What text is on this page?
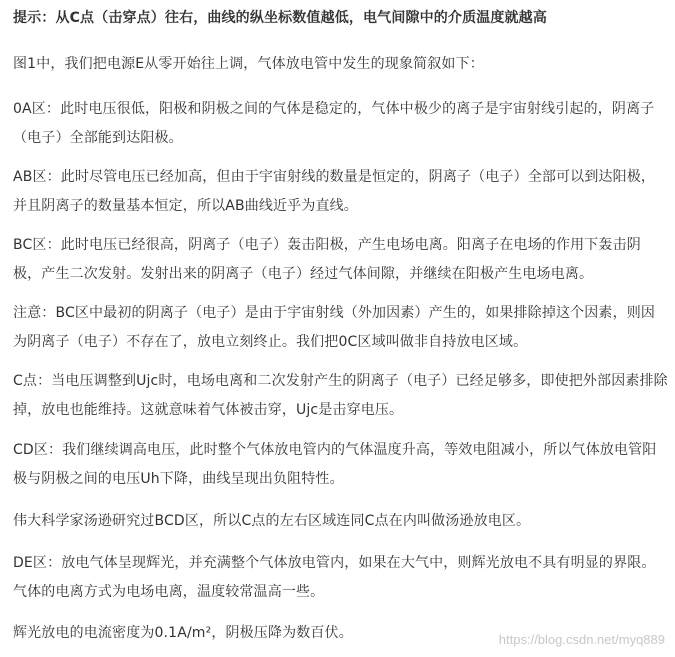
提示：从C点（击穿点）往右，曲线的纵坐标数值越低，电气间隙中的介质温度就越高

图1中，我们把电源E从零开始往上调，气体放电管中发生的现象简叙如下：

0A区：此时电压很低，阳极和阴极之间的气体是稳定的，气体中极少的离子是宇宙射线引起的，阴离子（电子）全部能到达阳极。

AB区：此时尽管电压已经加高，但由于宇宙射线的数量是恒定的，阴离子（电子）全部可以到达阳极，并且阴离子的数量基本恒定，所以AB曲线近乎为直线。

BC区：此时电压已经很高，阴离子（电子）轰击阳极，产生电场电离。阳离子在电场的作用下轰击阴极，产生二次发射。发射出来的阴离子（电子）经过气体间隙，并继续在阳极产生电场电离。

注意：BC区中最初的阴离子（电子）是由于宇宙射线（外加因素）产生的，如果排除掉这个因素，则因为阴离子（电子）不存在了，放电立刻终止。我们把0C区域叫做非自持放电区域。

C点：当电压调整到Ujc时，电场电离和二次发射产生的阴离子（电子）已经足够多，即使把外部因素排除掉，放电也能维持。这就意味着气体被击穿，Ujc是击穿电压。

CD区：我们继续调高电压，此时整个气体放电管内的气体温度升高，等效电阻减小，所以气体放电管阳极与阴极之间的电压Uh下降，曲线呈现出负阻特性。

伟大科学家汤逊研究过BCD区，所以C点的左右区域连同C点在内叫做汤逊放电区。

DE区：放电气体呈现辉光，并充满整个气体放电管内，如果在大气中，则辉光放电不具有明显的界限。气体的电离方式为电场电离，温度较常温高一些。

辉光放电的电流密度为0.1A/m²，阴极压降为数百伏。	https://blog.csdn.net/myq889
